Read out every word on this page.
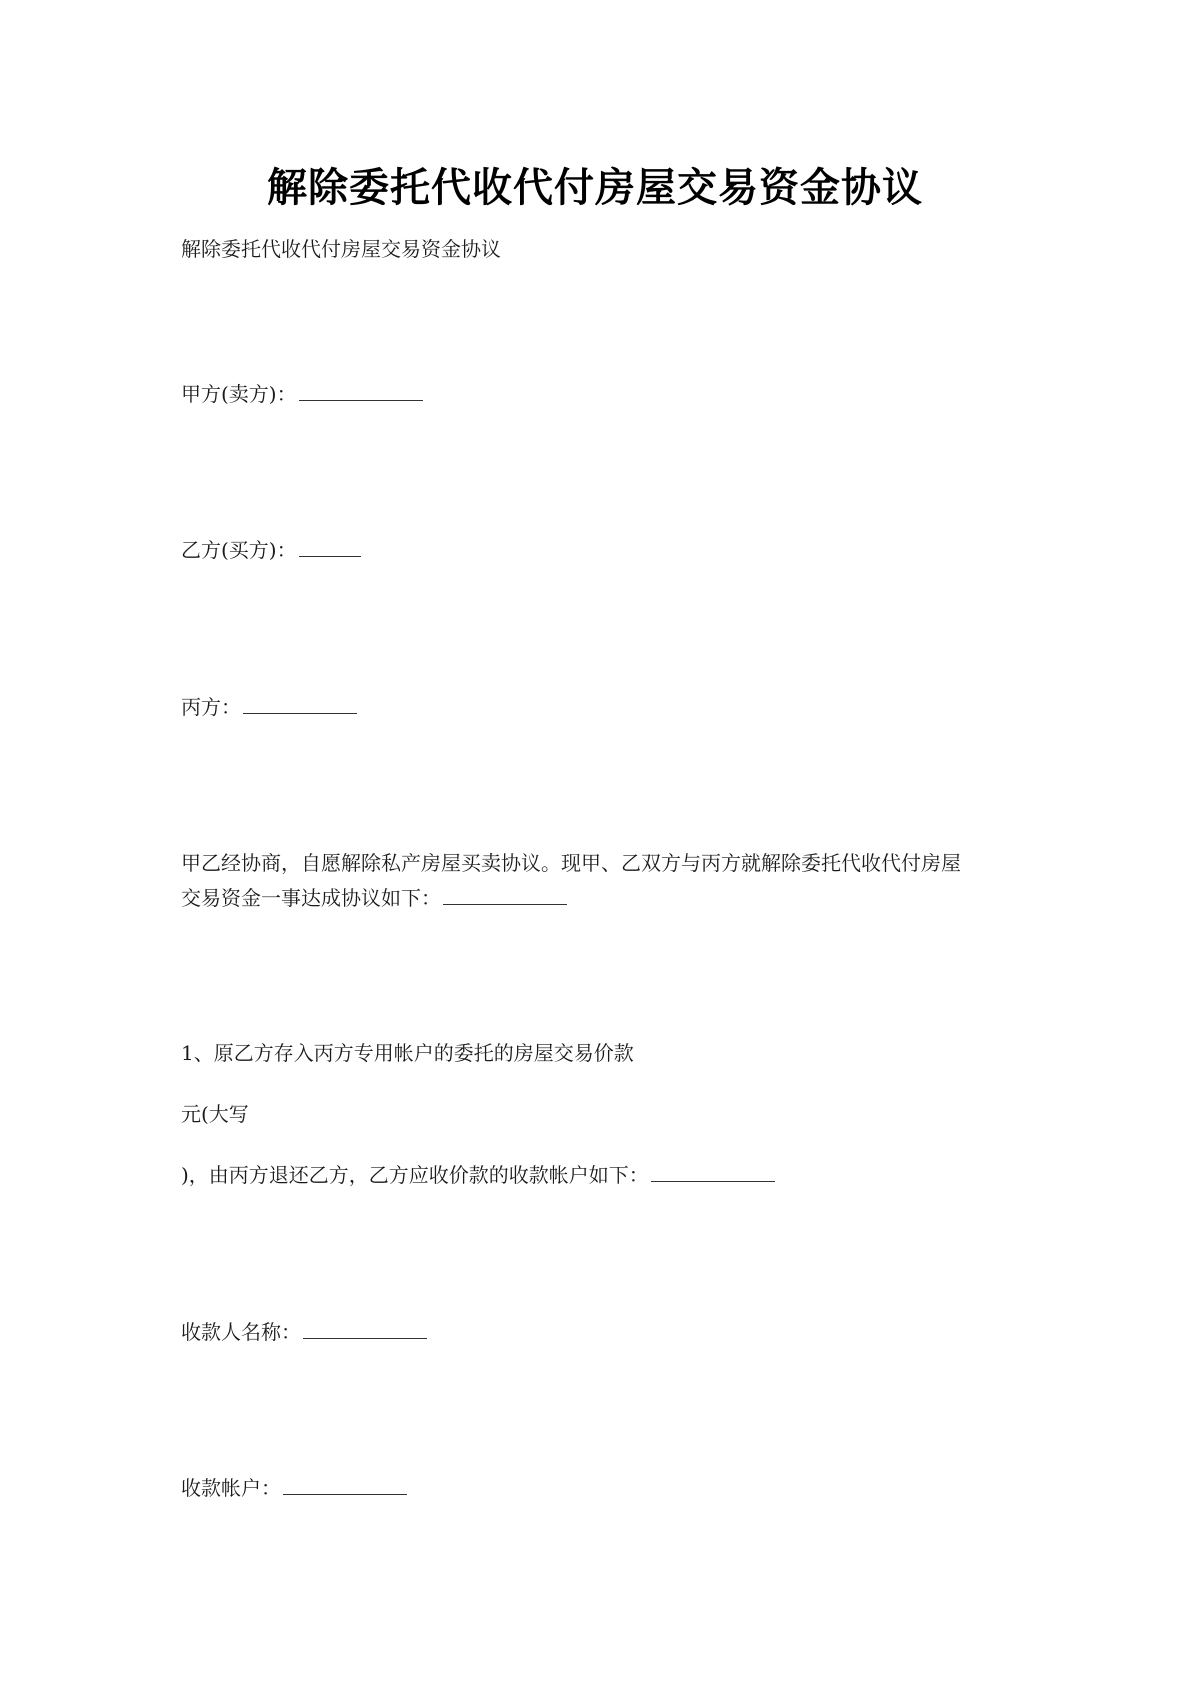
解除委托代收代付房屋交易资金协议
解除委托代收代付房屋交易资金协议
甲方(卖方)：
乙方(买方)：
丙方：
甲乙经协商，自愿解除私产房屋买卖协议。现甲、乙双方与丙方就解除委托代收代付房屋
交易资金一事达成协议如下：
1、原乙方存入丙方专用帐户的委托的房屋交易价款
元(大写
)，由丙方退还乙方，乙方应收价款的收款帐户如下：
收款人名称：
收款帐户：
